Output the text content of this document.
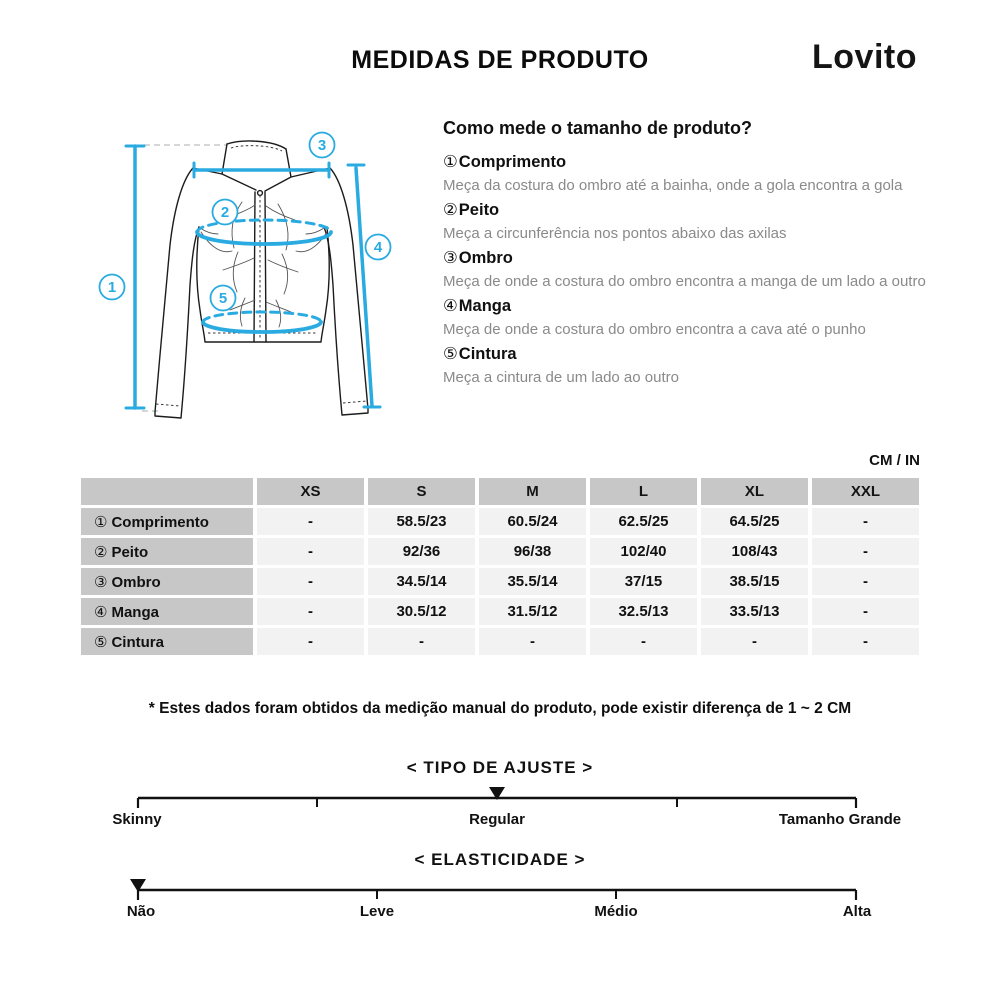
MEDIDAS DE PRODUTO	Lovito
1
2
3
4
5
Como mede o tamanho de produto?
①Comprimento
Meça da costura do ombro até a bainha, onde a gola encontra a gola
②Peito
Meça a circunferência nos pontos abaixo das axilas
③Ombro
Meça de onde a costura do ombro encontra a manga de um lado a outro
④Manga
Meça de onde a costura do ombro encontra a cava até o punho
⑤Cintura
Meça a cintura de um lado ao outro
CM / IN
	XS	S	M	L	XL	XXL
① Comprimento	-	58.5/23	60.5/24	62.5/25	64.5/25	-
② Peito	-	92/36	96/38	102/40	108/43	-
③ Ombro	-	34.5/14	35.5/14	37/15	38.5/15	-
④ Manga	-	30.5/12	31.5/12	32.5/13	33.5/13	-
⑤ Cintura	-	-	-	-	-	-
* Estes dados foram obtidos da medição manual do produto, pode existir diferença de 1 ~ 2 CM
< TIPO DE AJUSTE >
Skinny	Regular	Tamanho Grande
< ELASTICIDADE >
Não	Leve	Médio	Alta
